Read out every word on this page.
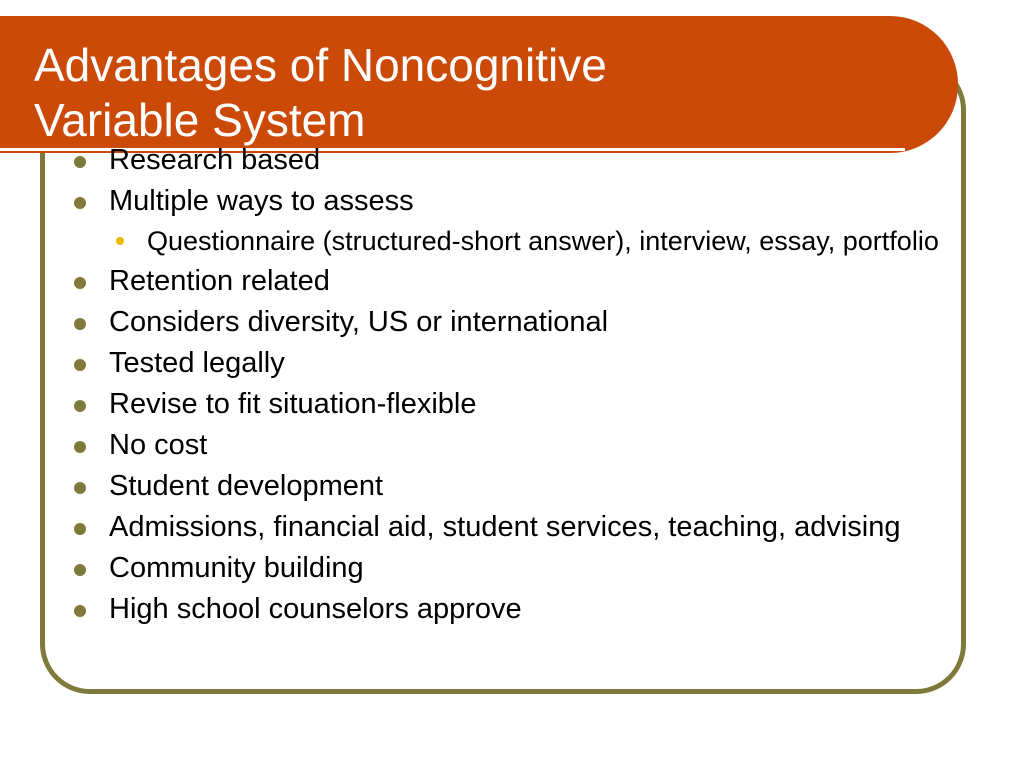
Advantages of Noncognitive
Variable System
Research based
Multiple ways to assess
Questionnaire (structured-short answer), interview, essay, portfolio
Retention related
Considers diversity, US or international
Tested legally
Revise to fit situation-flexible
No cost
Student development
Admissions, financial aid, student services, teaching, advising
Community building
High school counselors approve
